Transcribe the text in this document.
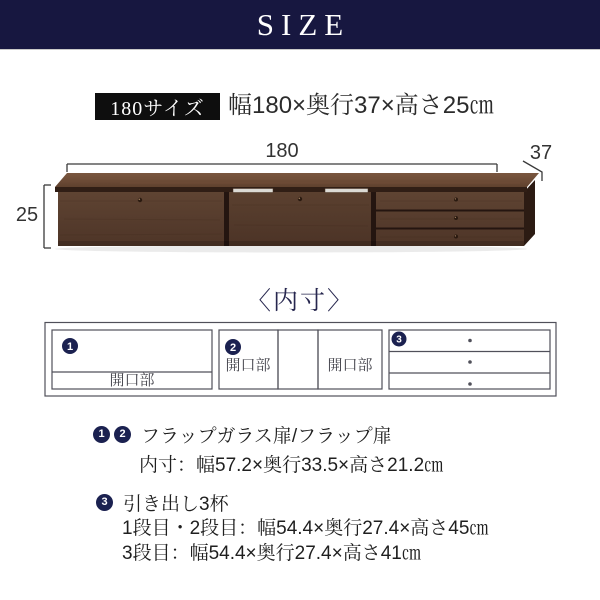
SIZE
180サイズ 幅180×奥行37×高さ25㎝
180	37
25
〈内寸〉
1	2
3
開口部
開口部	開口部
1	2 フラップガラス扉/フラップ扉
内寸：幅57.2×奥行33.5×高さ21.2㎝
3 引き出し3杯
1段目・2段目：幅54.4×奥行27.4×高さ45㎝
3段目：幅54.4×奥行27.4×高さ41㎝
